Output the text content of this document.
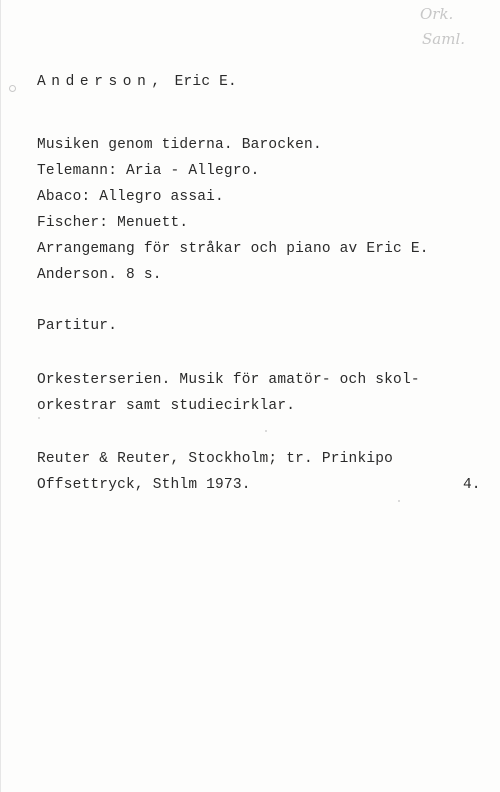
Ork.
Saml.
Anderson, Eric E.
Musiken genom tiderna. Barocken.
Telemann: Aria - Allegro.
Abaco: Allegro assai.
Fischer: Menuett.
Arrangemang för stråkar och piano av Eric E.
Anderson. 8 s.
Partitur.
Orkesterserien. Musik för amatör- och skol-
orkestrar samt studiecirklar.
Reuter & Reuter, Stockholm; tr. Prinkipo
Offsettryck, Sthlm 1973.	4.
